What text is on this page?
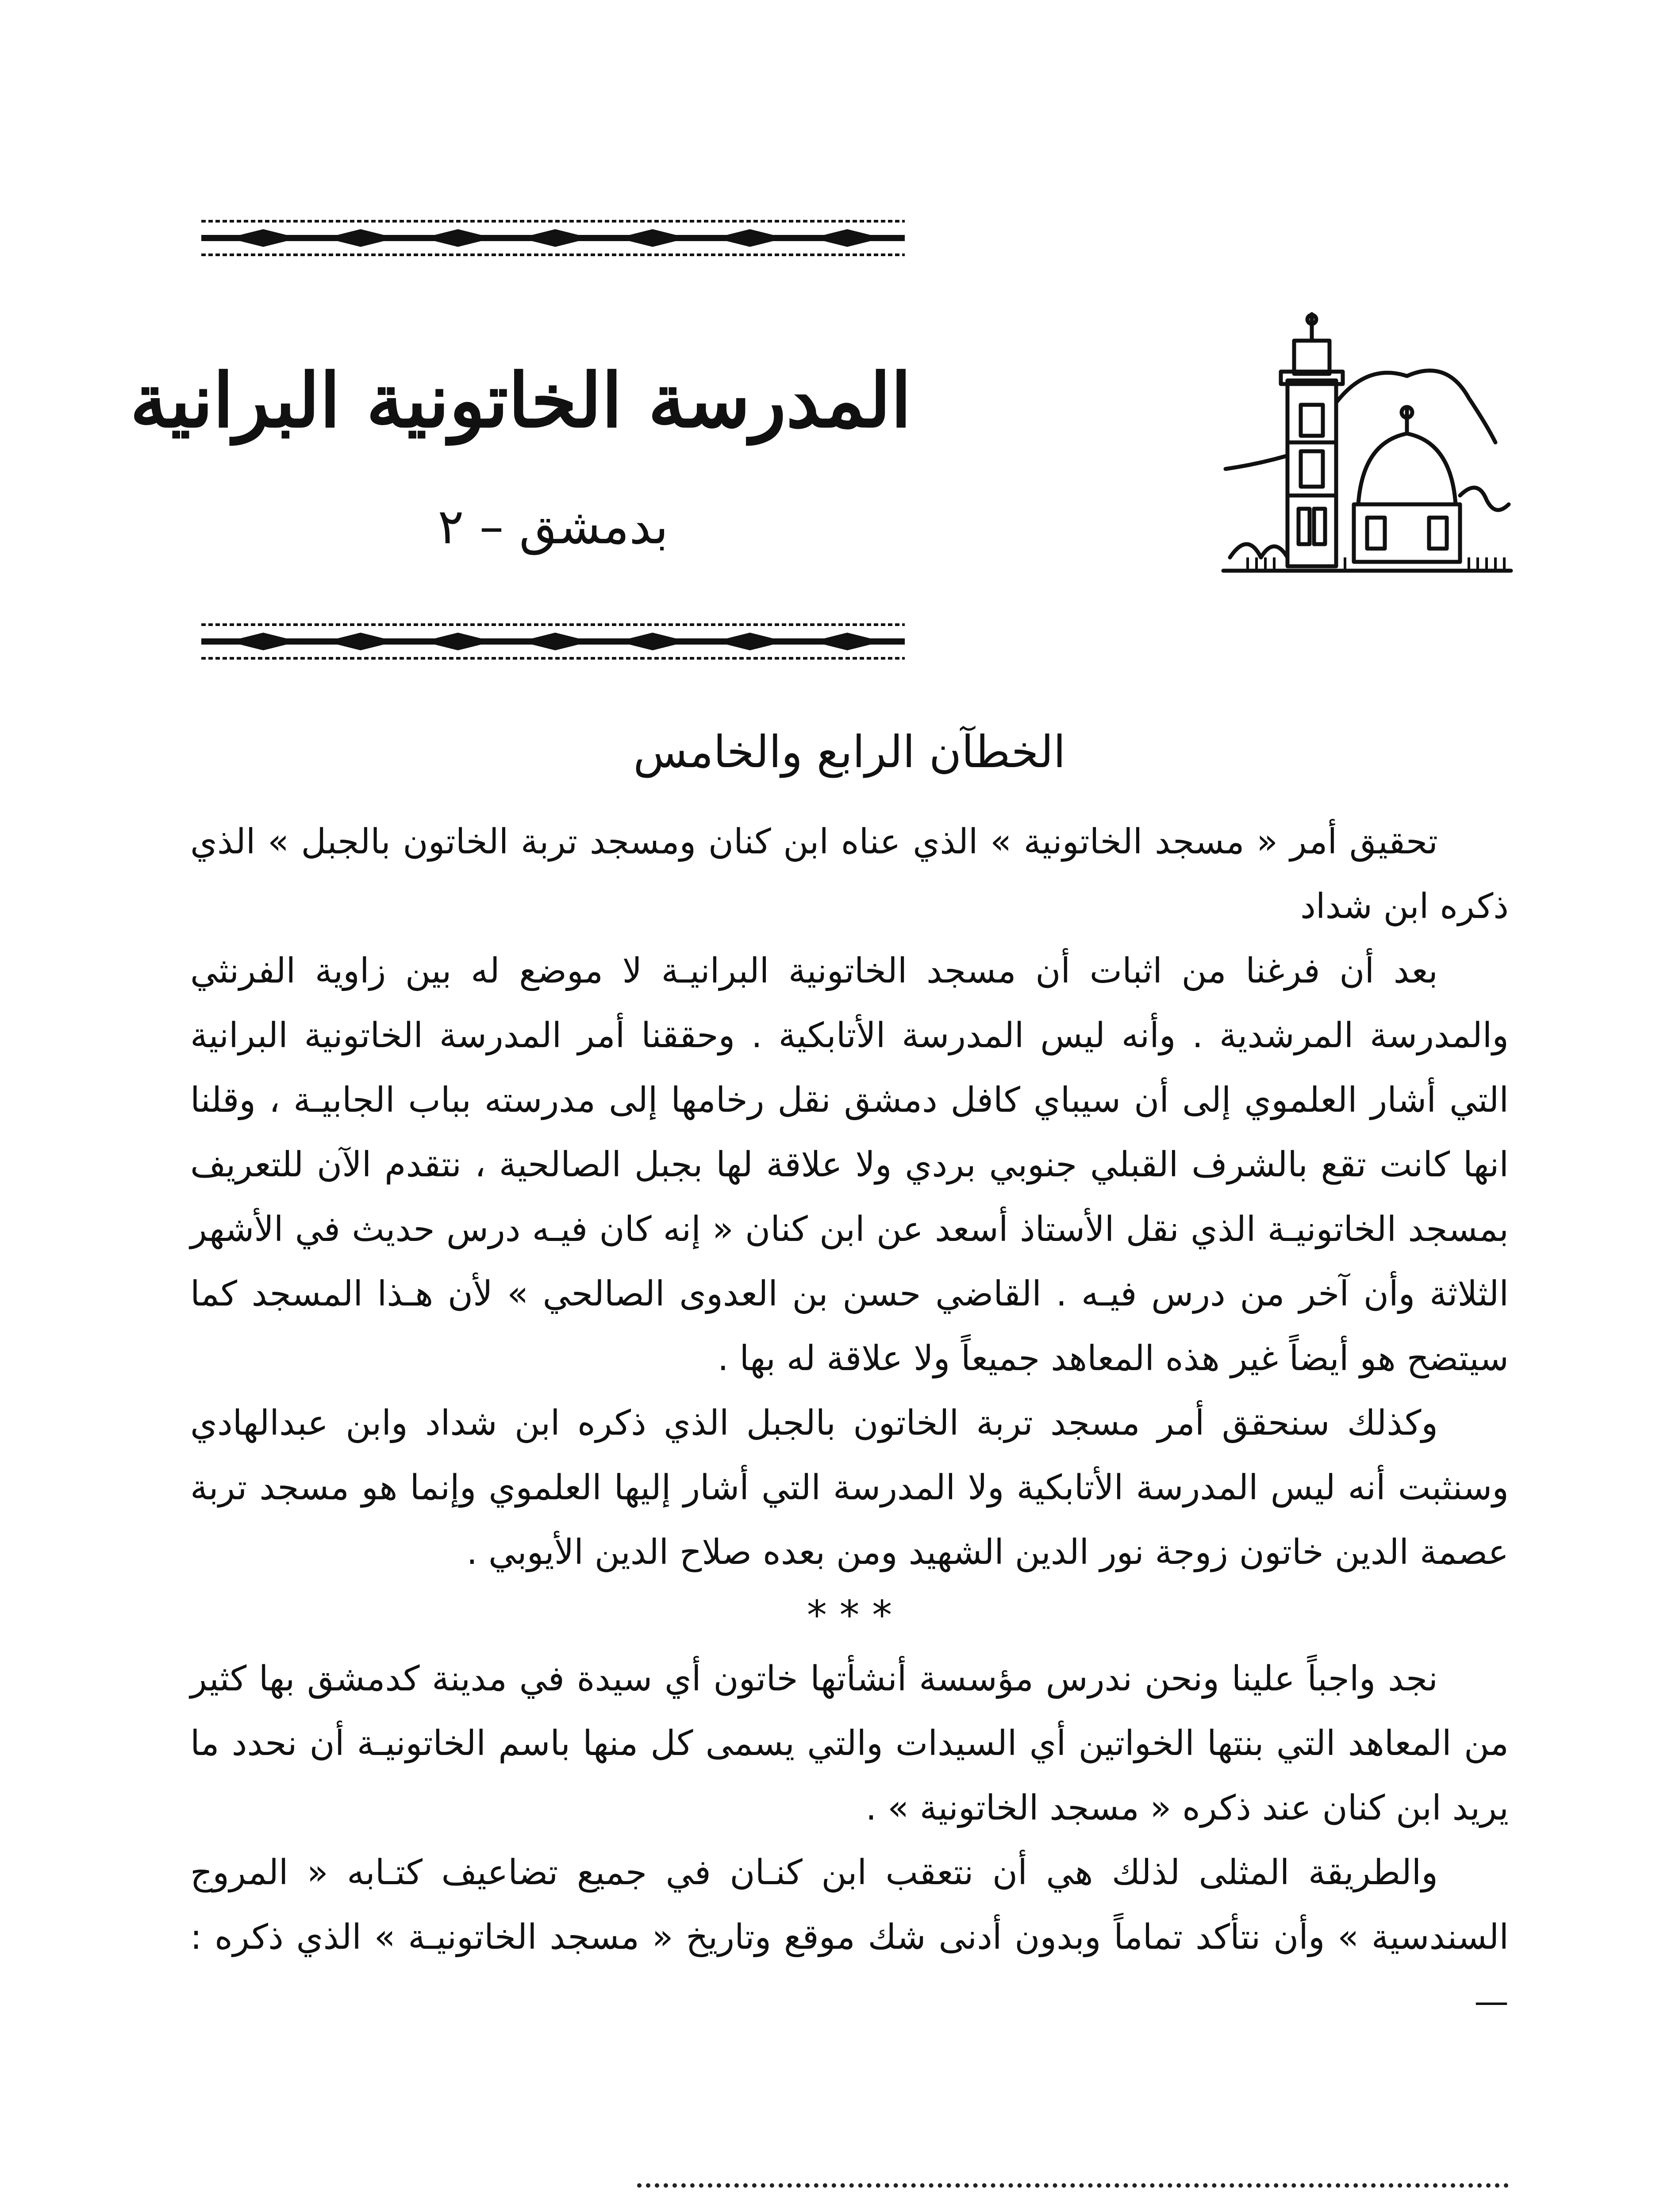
المدرسة الخاتونية البرانية
بدمشق – ٢
الخطآن الرابع والخامس

تحقيق أمر « مسجد الخاتونية » الذي عناه ابن كنان ومسجد تربة الخاتون بالجبل » الذي ذكره ابن شداد

بعد أن فرغنا من اثبات أن مسجد الخاتونية البرانيـة لا موضع له بين زاوية الفرنثي والمدرسة المرشدية . وأنه ليس المدرسة الأتابكية . وحققنا أمر المدرسة الخاتونية البرانية التي أشار العلموي إلى أن سيباي كافل دمشق نقل رخامها إلى مدرسته بباب الجابيـة ، وقلنا انها كانت تقع بالشرف القبلي جنوبي بردي ولا علاقة لها بجبل الصالحية ، نتقدم الآن للتعريف بمسجد الخاتونيـة الذي نقل الأستاذ أسعد عن ابن كنان « إنه كان فيـه درس حديث في الأشهر الثلاثة وأن آخر من درس فيـه . القاضي حسن بن العدوى الصالحي » لأن هـذا المسجد كما سيتضح هو أيضاً غير هذه المعاهد جميعاً ولا علاقة له بها .

وكذلك سنحقق أمر مسجد تربة الخاتون بالجبل الذي ذكره ابن شداد وابن عبدالهادي وسنثبت أنه ليس المدرسة الأتابكية ولا المدرسة التي أشار إليها العلموي وإنما هو مسجد تربة عصمة الدين خاتون زوجة نور الدين الشهيد ومن بعده صلاح الدين الأيوبي .

* * *

نجد واجباً علينا ونحن ندرس مؤسسة أنشأتها خاتون أي سيدة في مدينة كدمشق بها كثير من المعاهد التي بنتها الخواتين أي السيدات والتي يسمى كل منها باسم الخاتونيـة أن نحدد ما يريد ابن كنان عند ذكره « مسجد الخاتونية » .

والطريقة المثلى لذلك هي أن نتعقب ابن كنـان في جميع تضاعيف كتـابه « المروج السندسية » وأن نتأكد تماماً وبدون أدنى شك موقع وتاريخ « مسجد الخاتونيـة » الذي ذكره : —
